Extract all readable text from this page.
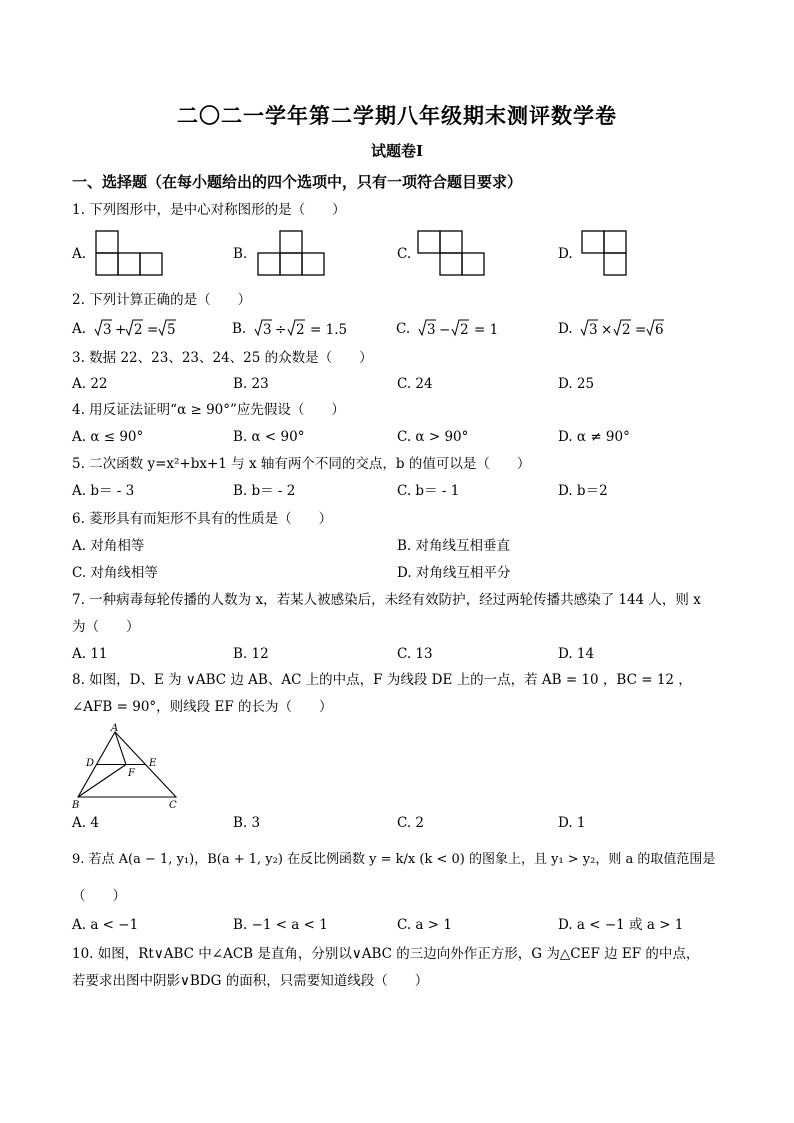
二〇二一学年第二学期八年级期末测评数学卷
试题卷Ⅰ
一、选择题（在每小题给出的四个选项中，只有一项符合题目要求）
1. 下列图形中，是中心对称图形的是（　　）
A.	B.	C.	D.
2. 下列计算正确的是（　　）
A.	B.	C.	D.
3 + 2 = 5	3 ÷ 2 = 1.5	3 − 2 = 1	3 × 2 = 6
3. 数据 22、23、23、24、25 的众数是（　　）
A. 22	B. 23	C. 24	D. 25
4. 用反证法证明“α ≥ 90°”应先假设（　　）
A. α ≤ 90°	B. α < 90°	C. α > 90°	D. α ≠ 90°
5. 二次函数 y=x²+bx+1 与 x 轴有两个不同的交点，b 的值可以是（　　）
A. b＝ - 3	B. b＝ - 2	C. b＝ - 1	D. b＝2
6. 菱形具有而矩形不具有的性质是（　　）
A. 对角相等	B. 对角线互相垂直
C. 对角线相等	D. 对角线互相平分
7. 一种病毒每轮传播的人数为 x，若某人被感染后，未经有效防护，经过两轮传播共感染了 144 人，则 x
为（　　）
A. 11	B. 12	C. 13	D. 14
8. 如图，D、E 为 ∨ABC 边 AB、AC 上的中点，F 为线段 DE 上的一点，若 AB = 10 ，BC = 12 ，
∠AFB = 90°，则线段 EF 的长为（　　）
A
D	E
F
B	C
A. 4	B. 3	C. 2	D. 1
9. 若点 A(a − 1, y₁)，B(a + 1, y₂) 在反比例函数 y = k/x (k < 0) 的图象上，且 y₁ > y₂，则 a 的取值范围是
（　　）
A. a < −1	B. −1 < a < 1	C. a > 1	D. a < −1 或 a > 1
10. 如图，Rt∨ABC 中∠ACB 是直角，分别以∨ABC 的三边向外作正方形，G 为△CEF 边 EF 的中点，
若要求出图中阴影∨BDG 的面积，只需要知道线段（　　）
